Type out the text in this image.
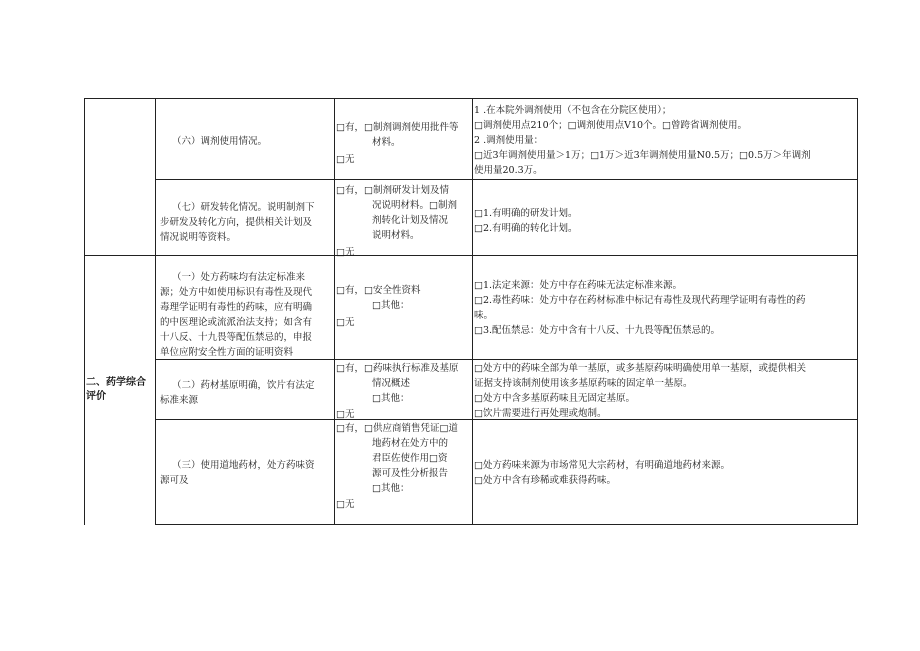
二、药学综合
评价
（六）调剂使用情况。
□有，□制剂调剂使用批件等
材料。
□无
1 .在本院外调剂使用（不包含在分院区使用）；
□调剂使用点210个；□调剂使用点V10个。□曾跨省调剂使用。
2 .调剂使用量：
□近3年调剂使用量＞1万；□1万＞近3年调剂使用量N0.5万；□0.5万＞年调剂
使用量20.3万。
（七）研发转化情况。说明制剂下
步研发及转化方向，提供相关计划及
情况说明等资料。
□有，□制剂研发计划及情
况说明材料。□制剂
剂转化计划及情况
说明材料。
□无
□1.有明确的研发计划。
□2.有明确的转化计划。
（一）处方药味均有法定标准来
源；处方中如使用标识有毒性及现代
毒理学证明有毒性的药味，应有明确
的中医理论或流派治法支持；如含有
十八反、十九畏等配伍禁忌的，申报
单位应附安全性方面的证明资料
□有，□安全性资料
□其他：
□无
□1.法定来源：处方中存在药味无法定标准来源。
□2.毒性药味：处方中存在药材标准中标记有毒性及现代药理学证明有毒性的药
味。
□3.配伍禁忌：处方中含有十八反、十九畏等配伍禁忌的。
（二）药材基原明确，饮片有法定
标准来源
□有，□药味执行标准及基原
情况概述
□其他：
□无
□处方中的药味全部为单一基原，或多基原药味明确使用单一基原，或提供相关
证据支持该制剂使用该多基原药味的固定单一基原。
□处方中含多基原药味且无固定基原。
□饮片需要进行再处理或炮制。
（三）使用道地药材，处方药味资
源可及
□有，□供应商销售凭证□道
地药材在处方中的
君臣佐使作用□资
源可及性分析报告
□其他：
□无
□处方药味来源为市场常见大宗药材，有明确道地药材来源。
□处方中含有珍稀或难获得药味。
